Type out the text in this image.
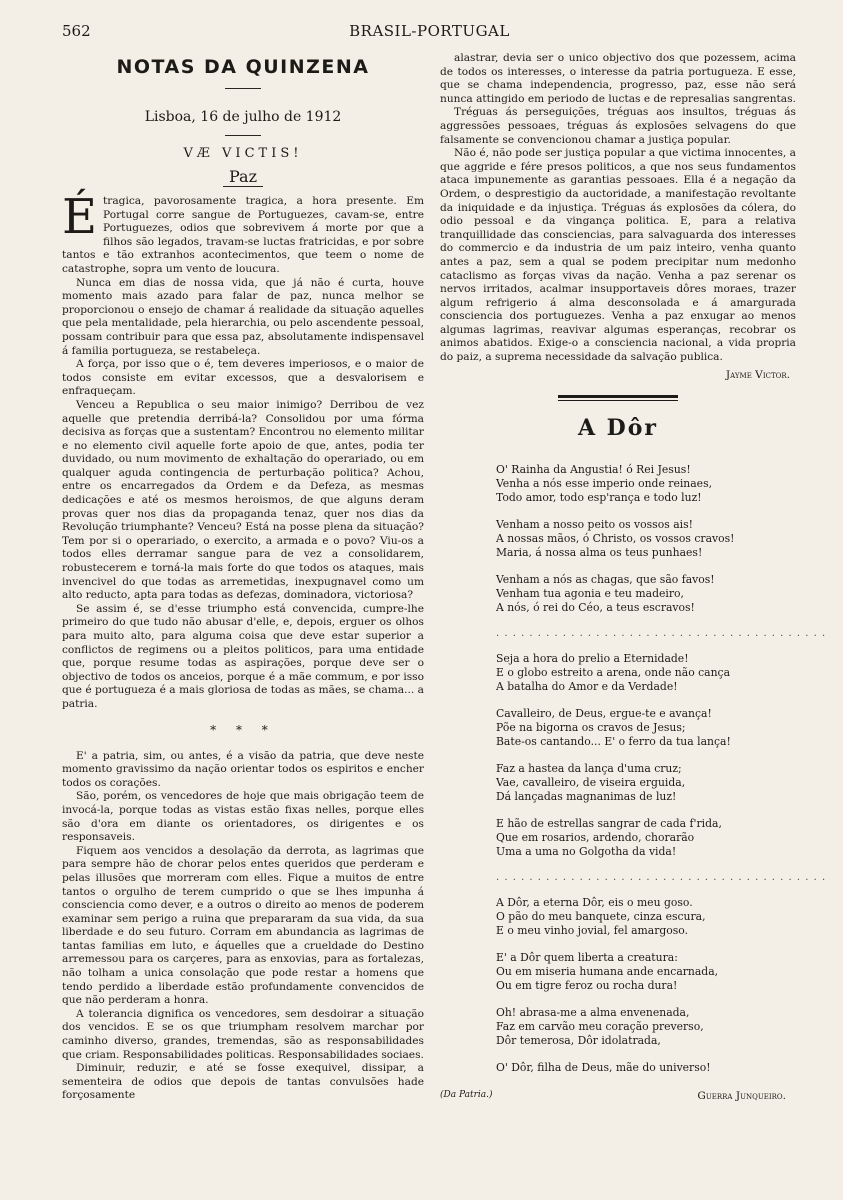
562	BRASIL-PORTUGAL
NOTAS DA QUINZENA
Lisboa, 16 de julho de 1912
VÆ VICTIS!
Paz

Étragica, pavorosamente tragica, a hora presente. Em Portugal corre sangue de Portuguezes, cavam-se, entre Portuguezes, odios que sobrevivem á morte por que a filhos são legados, travam-se luctas fratricidas, e por sobre tantos e tão extranhos acontecimentos, que teem o nome de catastrophe, sopra um vento de loucura.

Nunca em dias de nossa vida, que já não é curta, houve momento mais azado para falar de paz, nunca melhor se proporcionou o ensejo de chamar á realidade da situação aquelles que pela mentalidade, pela hierarchia, ou pelo ascendente pessoal, possam contribuir para que essa paz, absolutamente indispensavel á familia portugueza, se restabeleça.

A força, por isso que o é, tem deveres imperiosos, e o maior de todos consiste em evitar excessos, que a desvalorisem e enfraqueçam.

Venceu a Republica o seu maior inimigo? Derribou de vez aquelle que pretendia derribá-la? Consolidou por uma fórma decisiva as forças que a sustentam? Encontrou no elemento militar e no elemento civil aquelle forte apoio de que, antes, podia ter duvidado, ou num movimento de exhaltação do operariado, ou em qualquer aguda contingencia de perturbação politica? Achou, entre os encarregados da Ordem e da Defeza, as mesmas dedicações e até os mesmos heroismos, de que alguns deram provas quer nos dias da propaganda tenaz, quer nos dias da Revolução triumphante? Venceu? Está na posse plena da situação? Tem por si o operariado, o exercito, a armada e o povo? Viu-os a todos elles derramar sangue para de vez a consolidarem, robustecerem e torná-la mais forte do que todos os ataques, mais invencivel do que todas as arremetidas, inexpugnavel como um alto reducto, apta para todas as defezas, dominadora, victoriosa?

Se assim é, se d'esse triumpho está convencida, cumpre-lhe primeiro do que tudo não abusar d'elle, e, depois, erguer os olhos para muito alto, para alguma coisa que deve estar superior a conflictos de regimens ou a pleitos politicos, para uma entidade que, porque resume todas as aspirações, porque deve ser o objectivo de todos os anceios, porque é a mãe commum, e por isso que é portugueza é a mais gloriosa de todas as mães, se chama... a patria.

* * *

E' a patria, sim, ou antes, é a visão da patria, que deve neste momento gravissimo da nação orientar todos os espiritos e encher todos os corações.

São, porém, os vencedores de hoje que mais obrigação teem de invocá-la, porque todas as vistas estão fixas nelles, porque elles são d'ora em diante os orientadores, os dirigentes e os responsaveis.

Fiquem aos vencidos a desolação da derrota, as lagrimas que para sempre hão de chorar pelos entes queridos que perderam e pelas illusões que morreram com elles. Fique a muitos de entre tantos o orgulho de terem cumprido o que se lhes impunha á consciencia como dever, e a outros o direito ao menos de poderem examinar sem perigo a ruina que prepararam da sua vida, da sua liberdade e do seu futuro. Corram em abundancia as lagrimas de tantas familias em luto, e áquelles que a crueldade do Destino arremessou para os carçeres, para as enxovias, para as fortalezas, não tolham a unica consolação que pode restar a homens que tendo perdido a liberdade estão profundamente convencidos de que não perderam a honra.

A tolerancia dignifica os vencedores, sem desdoirar a situação dos vencidos. E se os que triumpham resolvem marchar por caminho diverso, grandes, tremendas, são as responsabilidades que criam. Responsabilidades politicas. Responsabilidades sociaes.

Diminuir, reduzir, e até se fosse exequivel, dissipar, a sementeira de odios que depois de tantas convulsões hade forçosamente

alastrar, devia ser o unico objectivo dos que pozessem, acima de todos os interesses, o interesse da patria portugueza. E esse, que se chama independencia, progresso, paz, esse não será nunca attingido em periodo de luctas e de represalias sangrentas.

Tréguas ás perseguições, tréguas aos insultos, tréguas ás aggressões pessoaes, tréguas ás explosões selvagens do que falsamente se convencionou chamar a justiça popular.

Não é, não pode ser justiça popular a que victima innocentes, a que aggride e fére presos politicos, a que nos seus fundamentos ataca impunemente as garantias pessoaes. Ella é a negação da Ordem, o desprestigio da auctoridade, a manifestação revoltante da iniquidade e da injustiça. Tréguas ás explosões da cólera, do odio pessoal e da vingança politica. E, para a relativa tranquillidade das consciencias, para salvaguarda dos interesses do commercio e da industria de um paiz inteiro, venha quanto antes a paz, sem a qual se podem precipitar num medonho cataclismo as forças vivas da nação. Venha a paz serenar os nervos irritados, acalmar insupportaveis dôres moraes, trazer algum refrigerio á alma desconsolada e á amargurada consciencia dos portuguezes. Venha a paz enxugar ao menos algumas lagrimas, reavivar algumas esperanças, recobrar os animos abatidos. Exige-o a consciencia nacional, a vida propria do paiz, a suprema necessidade da salvação publica.

Jayme Victor.
A Dôr
O' Rainha da Angustia! ó Rei Jesus!
Venha a nós esse imperio onde reinaes,
Todo amor, todo esp'rança e todo luz!
Venham a nosso peito os vossos ais!
A nossas mãos, ó Christo, os vossos cravos!
Maria, á nossa alma os teus punhaes!
Venham a nós as chagas, que são favos!
Venham tua agonia e teu madeiro,
A nós, ó rei do Céo, a teus escravos!
. . . . . . . . . . . . . . . . . . . . . . . . . . . . . . . . . . . . . . . .
Seja a hora do prelio a Eternidade!
E o globo estreito a arena, onde não cança
A batalha do Amor e da Verdade!
Cavalleiro, de Deus, ergue-te e avança!
Põe na bigorna os cravos de Jesus;
Bate-os cantando... E' o ferro da tua lança!
Faz a hastea da lança d'uma cruz;
Vae, cavalleiro, de viseira erguida,
Dá lançadas magnanimas de luz!
E hão de estrellas sangrar de cada f'rida,
Que em rosarios, ardendo, chorarão
Uma a uma no Golgotha da vida!
. . . . . . . . . . . . . . . . . . . . . . . . . . . . . . . . . . . . . . . .
A Dôr, a eterna Dôr, eis o meu goso.
O pão do meu banquete, cinza escura,
E o meu vinho jovial, fel amargoso.
E' a Dôr quem liberta a creatura:
Ou em miseria humana ande encarnada,
Ou em tigre feroz ou rocha dura!
Oh! abrasa-me a alma envenenada,
Faz em carvão meu coração preverso,
Dôr temerosa, Dôr idolatrada,
O' Dôr, filha de Deus, mãe do universo!
(Da Patria.)	Guerra Junqueiro.
